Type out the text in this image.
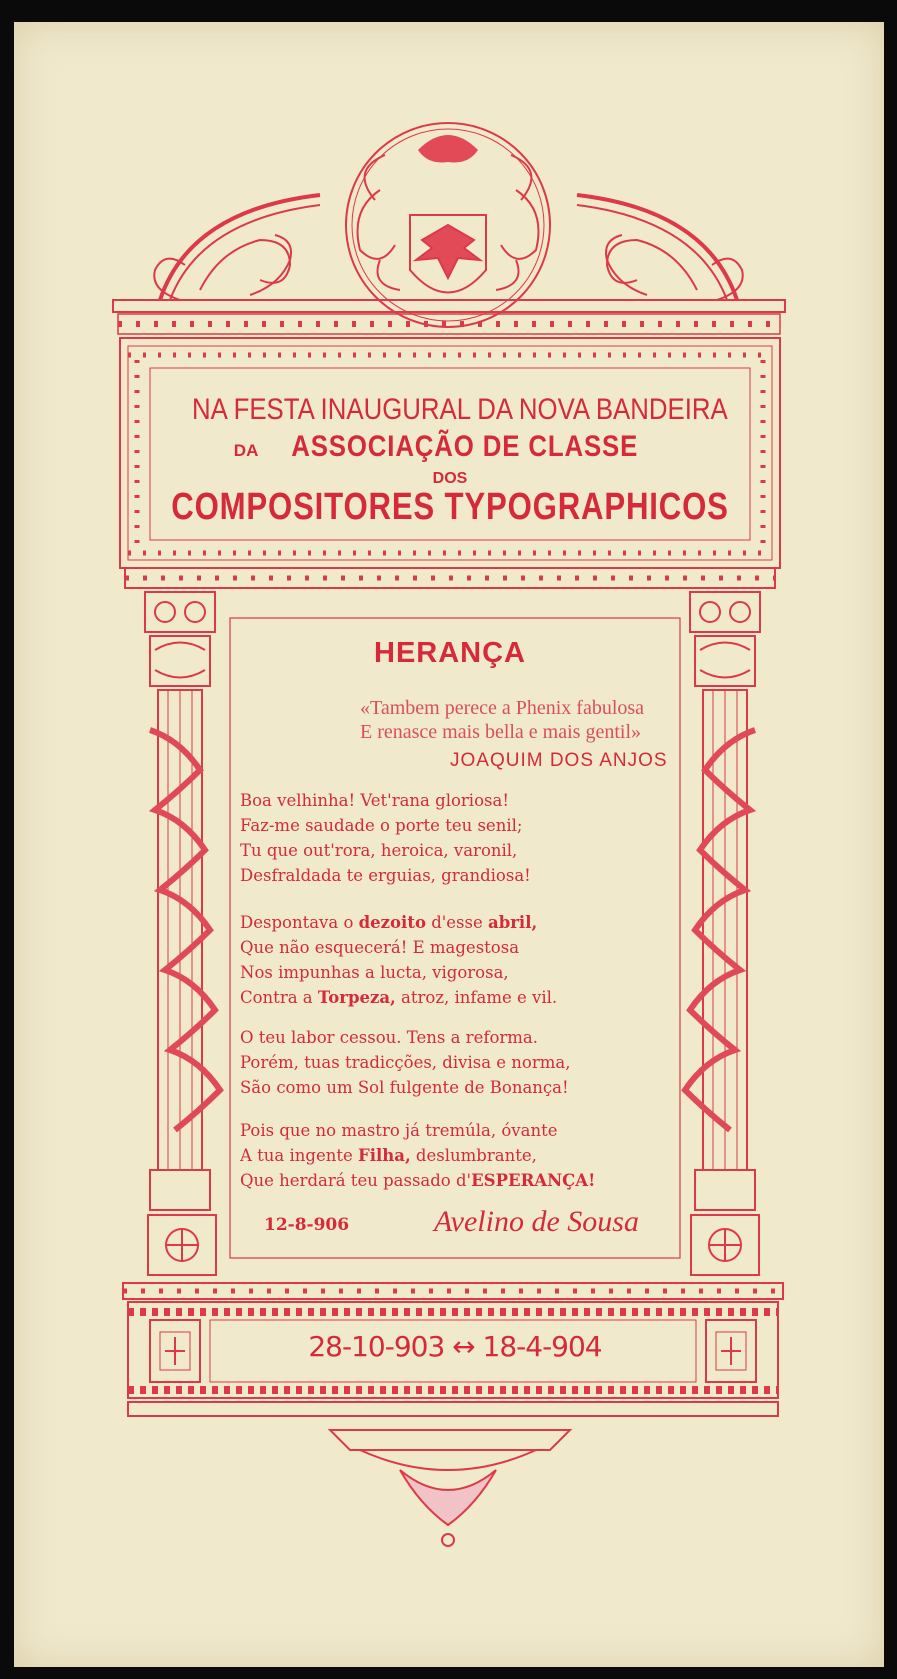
NA FESTA INAUGURAL DA NOVA BANDEIRA
DA ASSOCIAÇÃO DE CLASSE
DOS
COMPOSITORES TYPOGRAPHICOS
HERANÇA
«Tambem perece a Phenix fabulosa
E renasce mais bella e mais gentil»
JOAQUIM DOS ANJOS
Boa velhinha! Vet'rana gloriosa!
Faz-me saudade o porte teu senil;
Tu que out'rora, heroica, varonil,
Desfraldada te erguias, grandiosa!
Despontava o dezoito d'esse abril,
Que não esquecerá! E magestosa
Nos impunhas a lucta, vigorosa,
Contra a Torpeza, atroz, infame e vil.
O teu labor cessou. Tens a reforma.
Porém, tuas tradicções, divisa e norma,
São como um Sol fulgente de Bonança!
Pois que no mastro já tremúla, óvante
A tua ingente Filha, deslumbrante,
Que herdará teu passado d'ESPERANÇA!
12-8-906	Avelino de Sousa
28-10-903 ↔ 18-4-904
